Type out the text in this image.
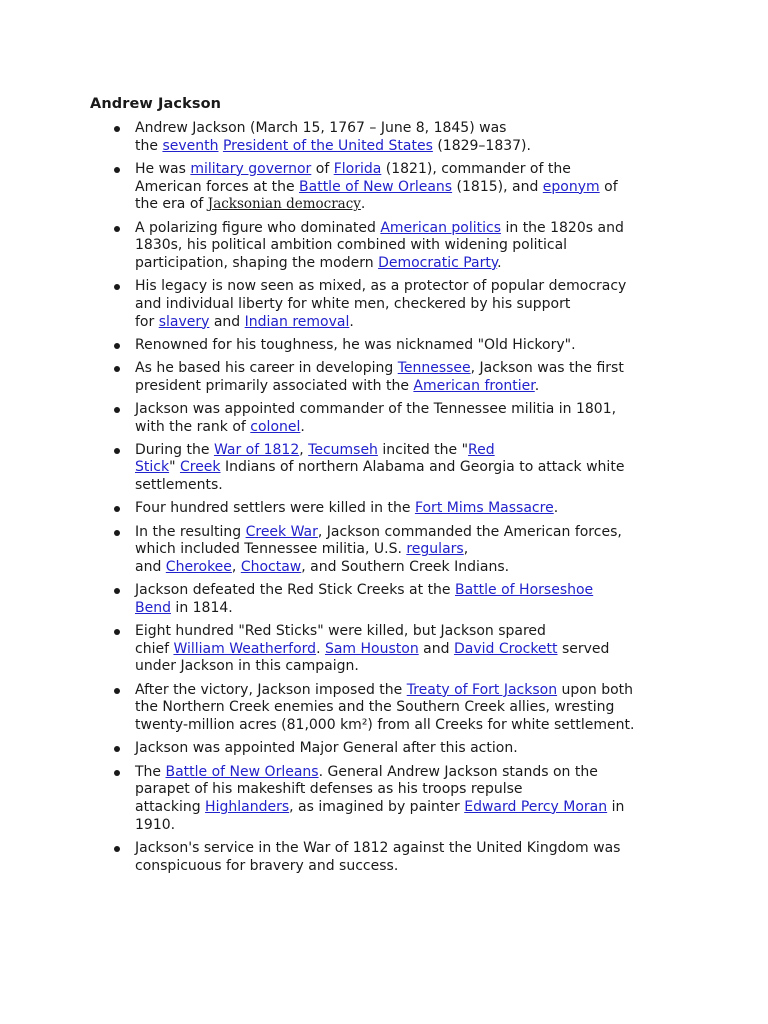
Andrew Jackson
Andrew Jackson (March 15, 1767 – June 8, 1845) was
the seventh President of the United States (1829–1837).
He was military governor of Florida (1821), commander of the
American forces at the Battle of New Orleans (1815), and eponym of
the era of Jacksonian democracy.
A polarizing figure who dominated American politics in the 1820s and
1830s, his political ambition combined with widening political
participation, shaping the modern Democratic Party.
His legacy is now seen as mixed, as a protector of popular democracy
and individual liberty for white men, checkered by his support
for slavery and Indian removal.
Renowned for his toughness, he was nicknamed "Old Hickory".
As he based his career in developing Tennessee, Jackson was the first
president primarily associated with the American frontier.
Jackson was appointed commander of the Tennessee militia in 1801,
with the rank of colonel.
During the War of 1812, Tecumseh incited the "Red
Stick" Creek Indians of northern Alabama and Georgia to attack white
settlements.
Four hundred settlers were killed in the Fort Mims Massacre.
In the resulting Creek War, Jackson commanded the American forces,
which included Tennessee militia, U.S. regulars,
and Cherokee, Choctaw, and Southern Creek Indians.
Jackson defeated the Red Stick Creeks at the Battle of Horseshoe
Bend in 1814.
Eight hundred "Red Sticks" were killed, but Jackson spared
chief William Weatherford. Sam Houston and David Crockett served
under Jackson in this campaign.
After the victory, Jackson imposed the Treaty of Fort Jackson upon both
the Northern Creek enemies and the Southern Creek allies, wresting
twenty-million acres (81,000 km²) from all Creeks for white settlement.
Jackson was appointed Major General after this action.
The Battle of New Orleans. General Andrew Jackson stands on the
parapet of his makeshift defenses as his troops repulse
attacking Highlanders, as imagined by painter Edward Percy Moran in
1910.
Jackson's service in the War of 1812 against the United Kingdom was
conspicuous for bravery and success.
